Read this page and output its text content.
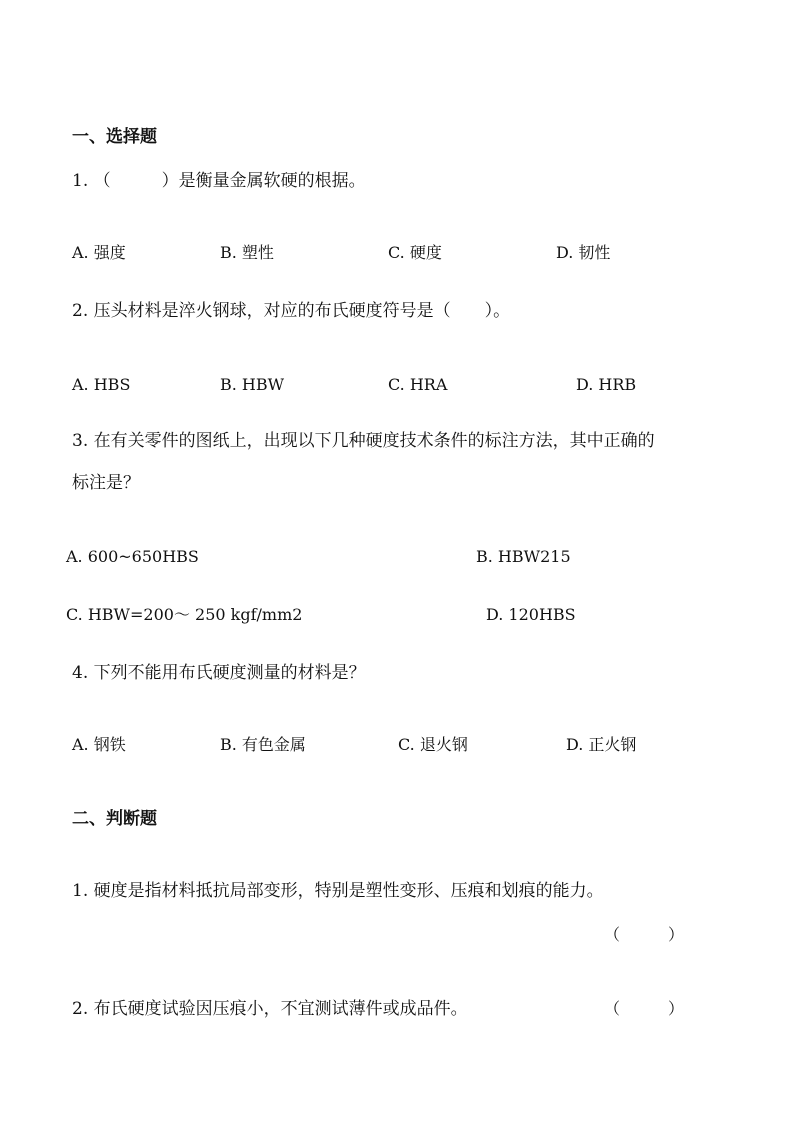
一、选择题
1. （　　　）是衡量金属软硬的根据。
A. 强度	B. 塑性	C. 硬度	D. 韧性
2. 压头材料是淬火钢球，对应的布氏硬度符号是（　　）。
A. HBS	B. HBW	C. HRA	D. HRB
3. 在有关零件的图纸上，出现以下几种硬度技术条件的标注方法，其中正确的
标注是？
A. 600~650HBS	B. HBW215
C. HBW=200～ 250 kgf/mm2	D. 120HBS
4. 下列不能用布氏硬度测量的材料是？
A. 钢铁	B. 有色金属	C. 退火钢	D. 正火钢
二、判断题
1. 硬度是指材料抵抗局部变形，特别是塑性变形、压痕和划痕的能力。
（　　　）
2. 布氏硬度试验因压痕小，不宜测试薄件或成品件。	（　　　）
